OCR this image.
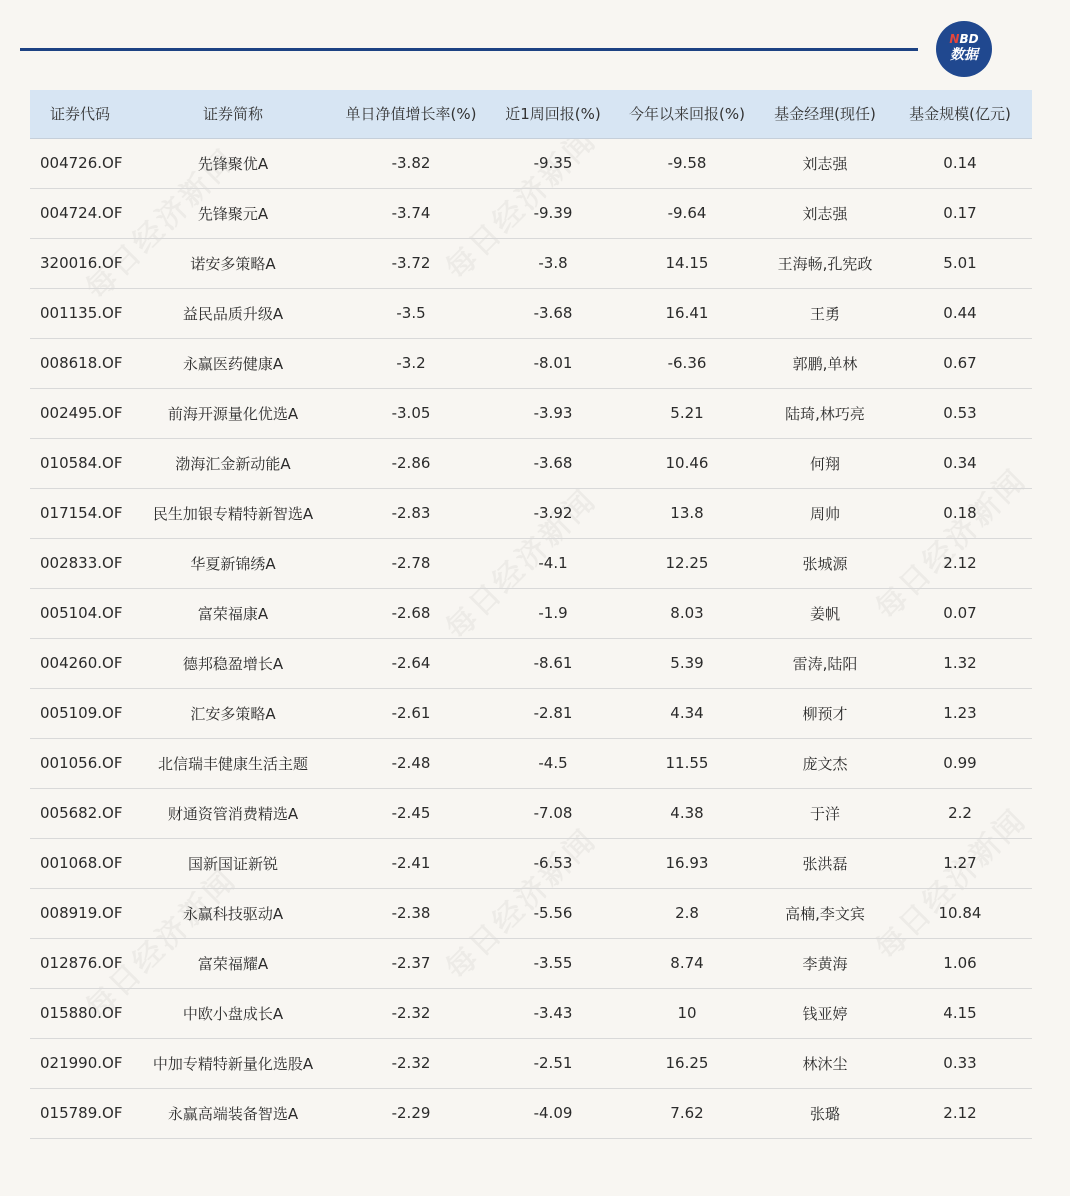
NBD
数据
证券代码	证券简称	单日净值增长率(%)	近1周回报(%)	今年以来回报(%)	基金经理(现任)	基金规模(亿元)
004726.OF	先锋聚优A	-3.82	-9.35	-9.58	刘志强	0.14
004724.OF	先锋聚元A	-3.74	-9.39	-9.64	刘志强	0.17
320016.OF	诺安多策略A	-3.72	-3.8	14.15	王海畅,孔宪政	5.01
001135.OF	益民品质升级A	-3.5	-3.68	16.41	王勇	0.44
008618.OF	永赢医药健康A	-3.2	-8.01	-6.36	郭鹏,单林	0.67
002495.OF	前海开源量化优选A	-3.05	-3.93	5.21	陆琦,林巧亮	0.53
010584.OF	渤海汇金新动能A	-2.86	-3.68	10.46	何翔	0.34
017154.OF	民生加银专精特新智选A	-2.83	-3.92	13.8	周帅	0.18
002833.OF	华夏新锦绣A	-2.78	-4.1	12.25	张城源	2.12
005104.OF	富荣福康A	-2.68	-1.9	8.03	姜帆	0.07
004260.OF	德邦稳盈增长A	-2.64	-8.61	5.39	雷涛,陆阳	1.32
005109.OF	汇安多策略A	-2.61	-2.81	4.34	柳预才	1.23
001056.OF	北信瑞丰健康生活主题	-2.48	-4.5	11.55	庞文杰	0.99
005682.OF	财通资管消费精选A	-2.45	-7.08	4.38	于洋	2.2
001068.OF	国新国证新锐	-2.41	-6.53	16.93	张洪磊	1.27
008919.OF	永赢科技驱动A	-2.38	-5.56	2.8	高楠,李文宾	10.84
012876.OF	富荣福耀A	-2.37	-3.55	8.74	李黄海	1.06
015880.OF	中欧小盘成长A	-2.32	-3.43	10	钱亚婷	4.15
021990.OF	中加专精特新量化选股A	-2.32	-2.51	16.25	林沐尘	0.33
015789.OF	永赢高端装备智选A	-2.29	-4.09	7.62	张璐	2.12
